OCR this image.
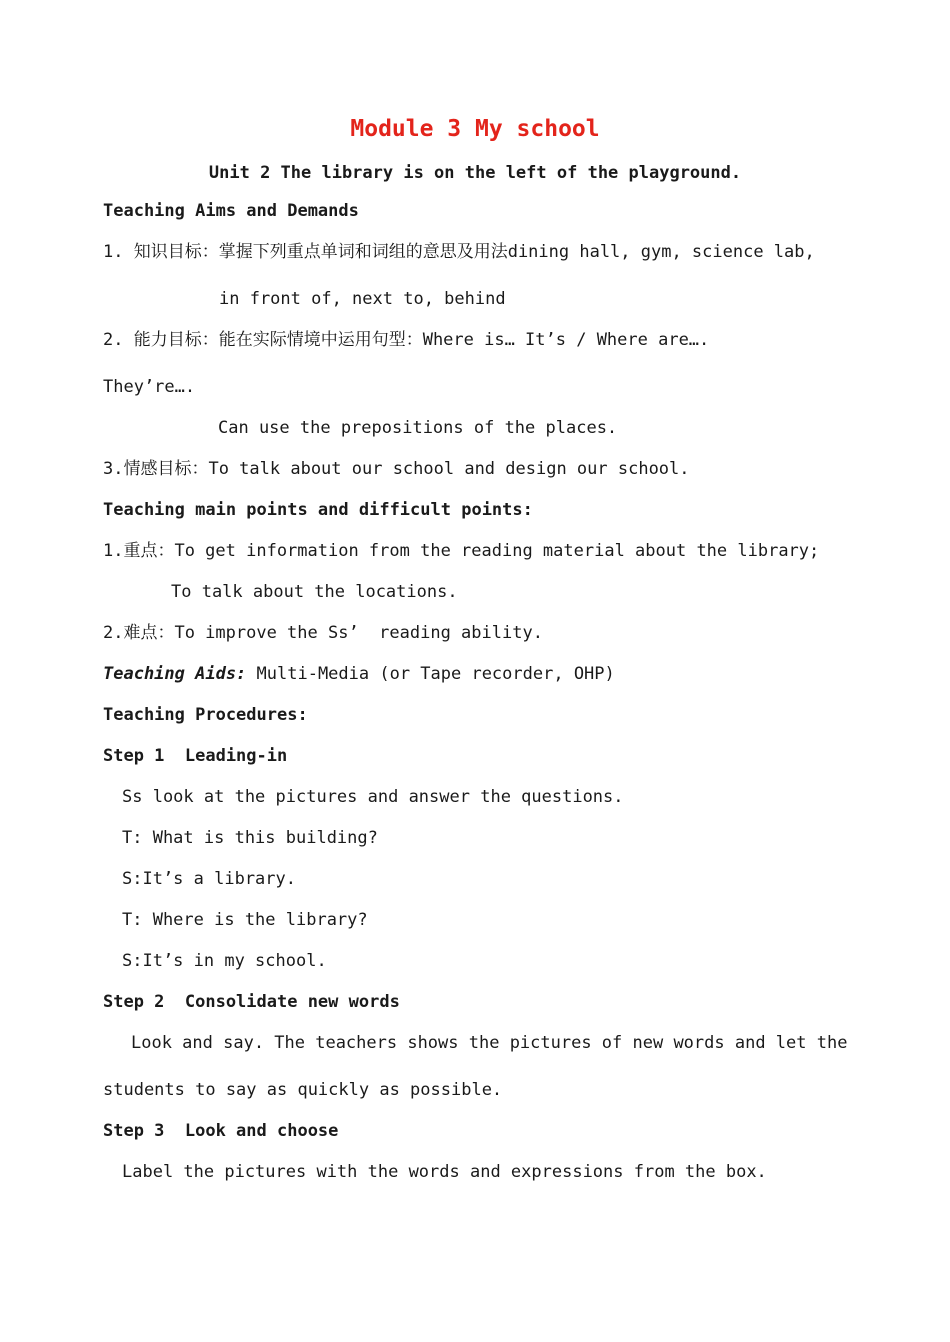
Module 3 My school
Unit 2 The library is on the left of the playground.
Teaching Aims and Demands
1. 知识目标：掌握下列重点单词和词组的意思及用法dining hall, gym, science lab,
in front of, next to, behind
2. 能力目标：能在实际情境中运用句型：Where is… It’s / Where are….
They’re….
Can use the prepositions of the places.
3.情感目标：To talk about our school and design our school.
Teaching main points and difficult points:
1.重点：To get information from the reading material about the library;
To talk about the locations.
2.难点：To improve the Ss’  reading ability.
Teaching Aids: Multi-Media (or Tape recorder, OHP)
Teaching Procedures:
Step 1  Leading-in
Ss look at the pictures and answer the questions.
T: What is this building?
S:It’s a library.
T: Where is the library?
S:It’s in my school.
Step 2  Consolidate new words
Look and say. The teachers shows the pictures of new words and let the
students to say as quickly as possible.
Step 3  Look and choose
Label the pictures with the words and expressions from the box.
